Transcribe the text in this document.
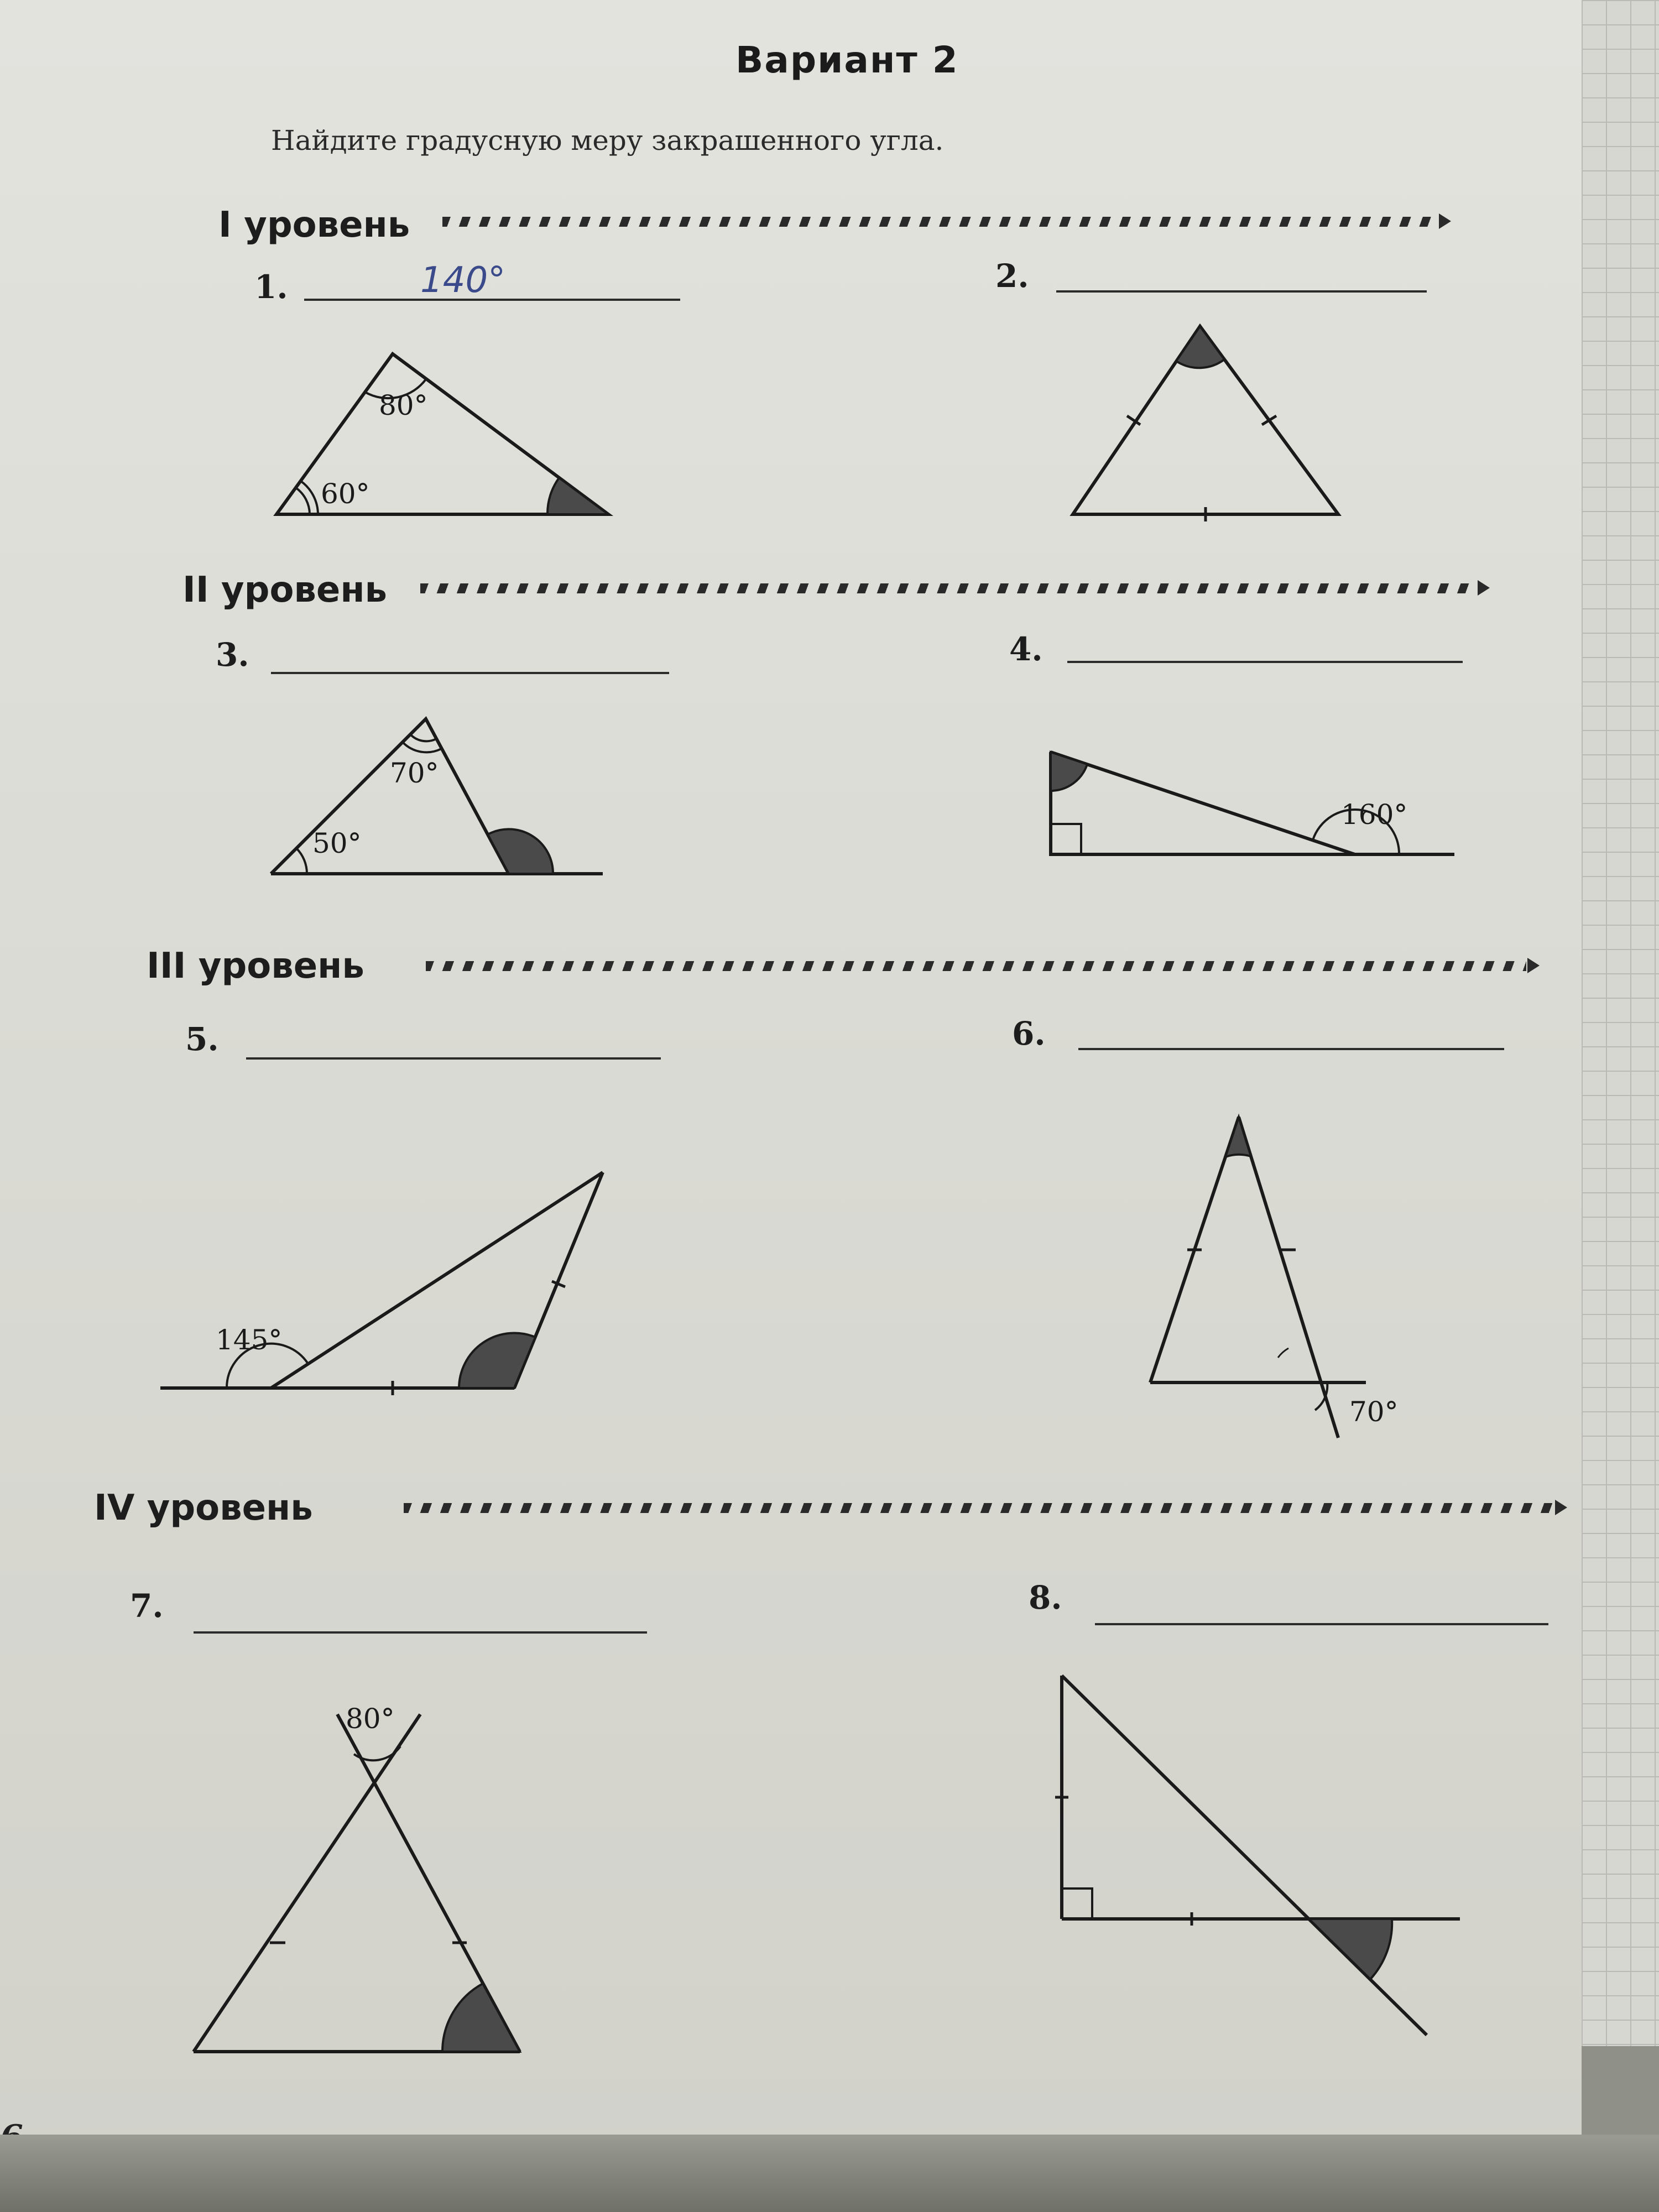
Вариант 2
Найдите градусную меру закрашенного угла.
I уровень
1.	140°	2.
80°
60°
II уровень
3.	4.
70°
50°
160°
III уровень
5.	6.
145°
70°
IV уровень
7.	8.
80°
